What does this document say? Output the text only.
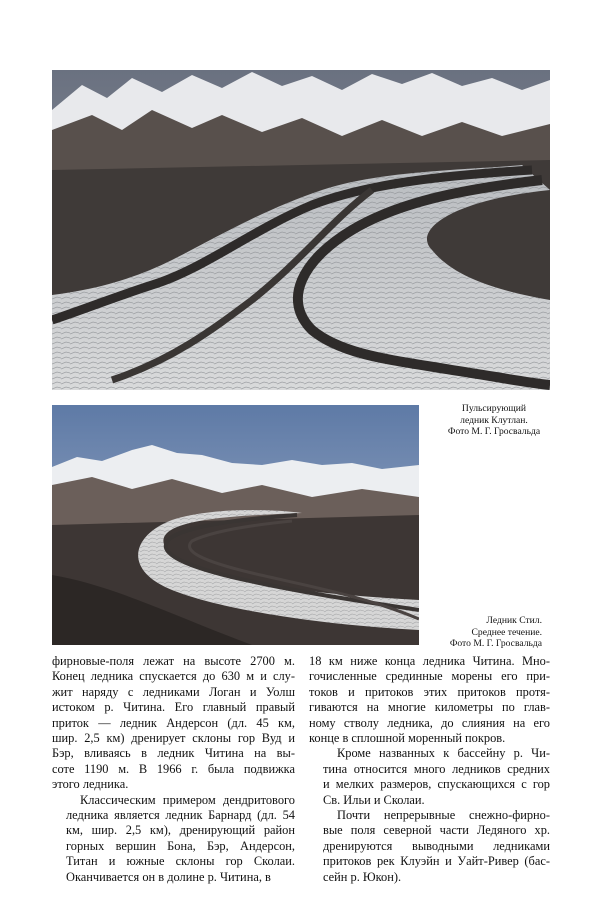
Пульсирующий
ледник Клутлан.
Фото М. Г. Гросвальда
Ледник Стил.
Среднее течение.
Фото М. Г. Гросвальда

фирновые-поля лежат на высоте 2700 м.
Конец ледника спускается до 630 м и слу-
жит наряду с ледниками Логан и Уолш
истоком р. Читина. Его главный правый
приток — ледник Андерсон (дл. 45 км,
шир. 2,5 км) дренирует склоны гор Вуд и
Бэр, вливаясь в ледник Читина на вы-
соте 1190 м. В 1966 г. была подвижка
этого ледника.

Классическим примером дендритового
ледника является ледник Барнард (дл. 54
км, шир. 2,5 км), дренирующий район
горных вершин Бона, Бэр, Андерсон,
Титан и южные склоны гор Сколаи.
Оканчивается он в долине р. Читина, в

18 км ниже конца ледника Читина. Мно-
гочисленные срединные морены его при-
токов и притоков этих притоков протя-
гиваются на многие километры по глав-
ному стволу ледника, до слияния на его
конце в сплошной моренный покров.

Кроме названных к бассейну р. Чи-
тина относится много ледников средних
и мелких размеров, спускающихся с гор
Св. Ильи и Сколаи.

Почти непрерывные снежно-фирно-
вые поля северной части Ледяного хр.
дренируются выводными ледниками
притоков рек Клуэйн и Уайт-Ривер (бас-
сейн р. Юкон).
